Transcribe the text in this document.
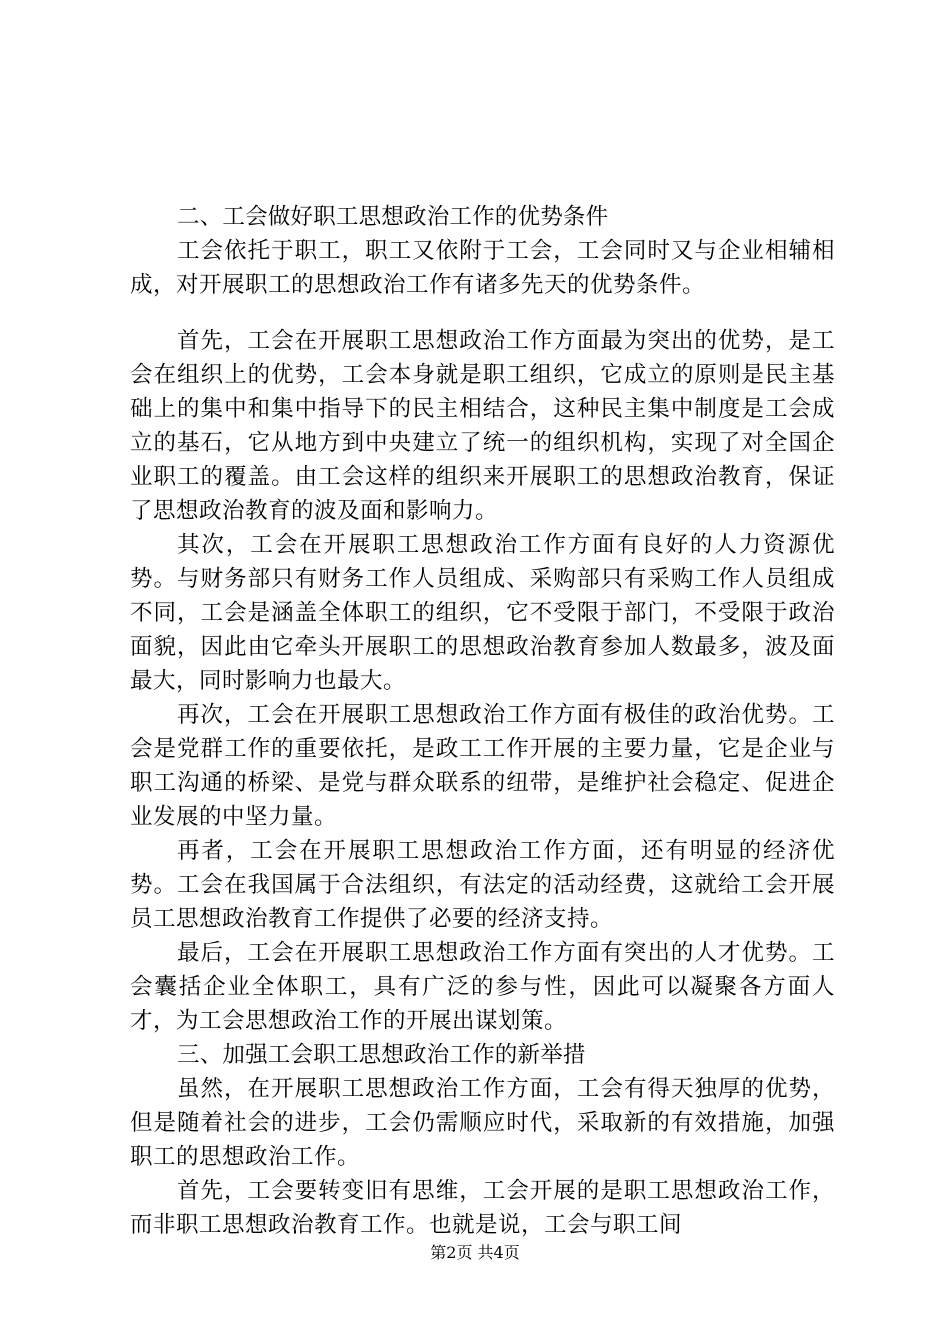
二、工会做好职工思想政治工作的优势条件

工会依托于职工，职工又依附于工会，工会同时又与企业相辅相成，对开展职工的思想政治工作有诸多先天的优势条件。

首先，工会在开展职工思想政治工作方面最为突出的优势，是工会在组织上的优势，工会本身就是职工组织，它成立的原则是民主基础上的集中和集中指导下的民主相结合，这种民主集中制度是工会成立的基石，它从地方到中央建立了统一的组织机构，实现了对全国企业职工的覆盖。由工会这样的组织来开展职工的思想政治教育，保证了思想政治教育的波及面和影响力。

其次，工会在开展职工思想政治工作方面有良好的人力资源优势。与财务部只有财务工作人员组成、采购部只有采购工作人员组成不同，工会是涵盖全体职工的组织，它不受限于部门，不受限于政治面貌，因此由它牵头开展职工的思想政治教育参加人数最多，波及面最大，同时影响力也最大。

再次，工会在开展职工思想政治工作方面有极佳的政治优势。工会是党群工作的重要依托，是政工工作开展的主要力量，它是企业与职工沟通的桥梁、是党与群众联系的纽带，是维护社会稳定、促进企业发展的中坚力量。

再者，工会在开展职工思想政治工作方面，还有明显的经济优势。工会在我国属于合法组织，有法定的活动经费，这就给工会开展员工思想政治教育工作提供了必要的经济支持。

最后，工会在开展职工思想政治工作方面有突出的人才优势。工会囊括企业全体职工，具有广泛的参与性，因此可以凝聚各方面人才，为工会思想政治工作的开展出谋划策。

三、加强工会职工思想政治工作的新举措

虽然，在开展职工思想政治工作方面，工会有得天独厚的优势，但是随着社会的进步，工会仍需顺应时代，采取新的有效措施，加强职工的思想政治工作。

首先，工会要转变旧有思维，工会开展的是职工思想政治工作，而非职工思想政治教育工作。也就是说，工会与职工间

第2页 共4页
